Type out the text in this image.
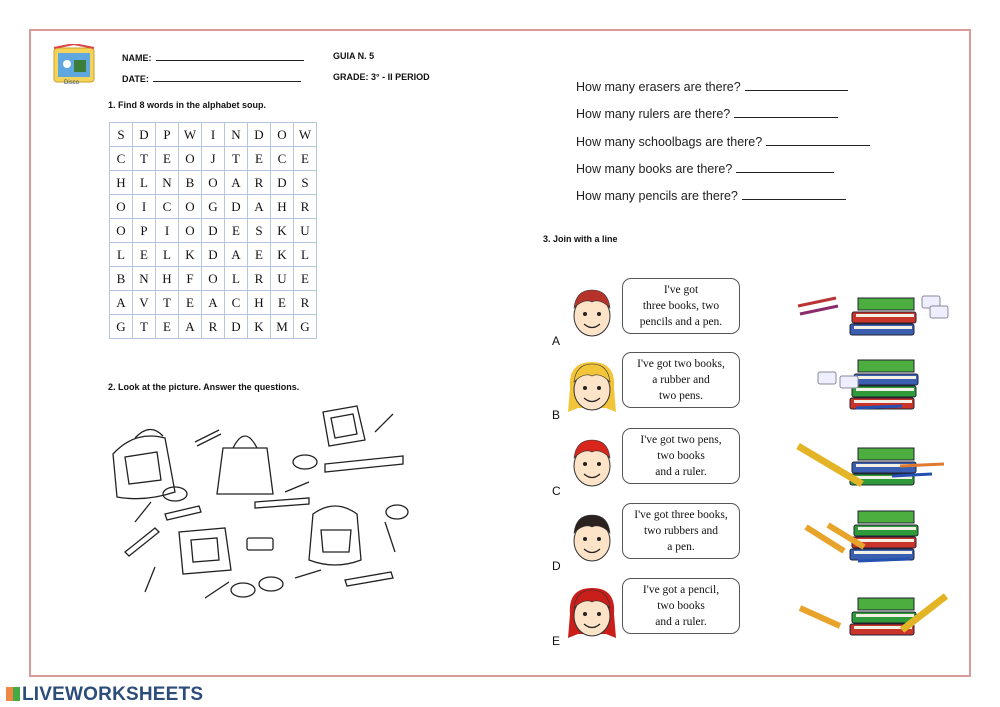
Disco
NAME:
DATE:
GUIA N. 5
GRADE: 3° - II PERIOD
1. Find 8 words in the alphabet soup.
S	D	P	W	I	N	D	O	W
C	T	E	O	J	T	E	C	E
H	L	N	B	O	A	R	D	S
O	I	C	O	G	D	A	H	R
O	P	I	O	D	E	S	K	U
L	E	L	K	D	A	E	K	L
B	N	H	F	O	L	R	U	E
A	V	T	E	A	C	H	E	R
G	T	E	A	R	D	K	M	G
2. Look at the picture. Answer the questions.
How many erasers are there?
How many rulers are there?
How many schoolbags are there?
How many books are there?
How many pencils are there?
3. Join with a line
A
I've got
three books, two
pencils and a pen.
B
I've got two books,
a rubber and
two pens.
C
I've got two pens,
two books
and a ruler.
D
I've got three books,
two rubbers and
a pen.
E
I've got a pencil,
two books
and a ruler.
LIVEWORKSHEETS
